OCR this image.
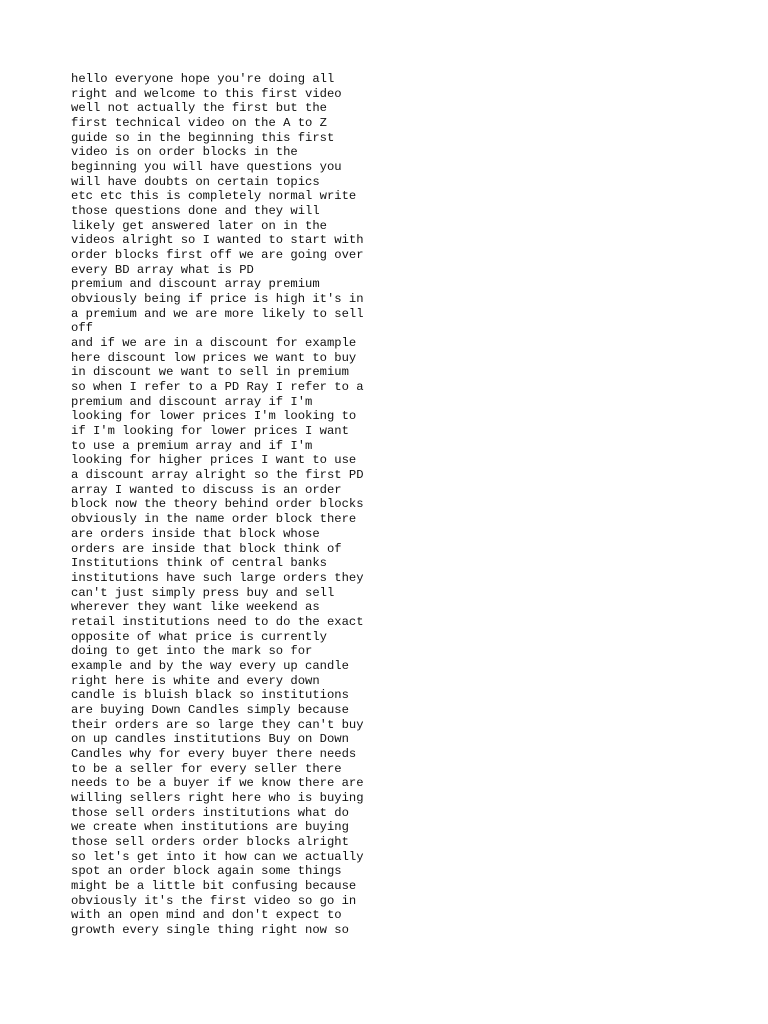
hello everyone hope you're doing all
right and welcome to this first video
well not actually the first but the
first technical video on the A to Z
guide so in the beginning this first
video is on order blocks in the
beginning you will have questions you
will have doubts on certain topics
etc etc this is completely normal write
those questions done and they will
likely get answered later on in the
videos alright so I wanted to start with
order blocks first off we are going over
every BD array what is PD
premium and discount array premium
obviously being if price is high it's in
a premium and we are more likely to sell
off
and if we are in a discount for example
here discount low prices we want to buy
in discount we want to sell in premium
so when I refer to a PD Ray I refer to a
premium and discount array if I'm
looking for lower prices I'm looking to
if I'm looking for lower prices I want
to use a premium array and if I'm
looking for higher prices I want to use
a discount array alright so the first PD
array I wanted to discuss is an order
block now the theory behind order blocks
obviously in the name order block there
are orders inside that block whose
orders are inside that block think of
Institutions think of central banks
institutions have such large orders they
can't just simply press buy and sell
wherever they want like weekend as
retail institutions need to do the exact
opposite of what price is currently
doing to get into the mark so for
example and by the way every up candle
right here is white and every down
candle is bluish black so institutions
are buying Down Candles simply because
their orders are so large they can't buy
on up candles institutions Buy on Down
Candles why for every buyer there needs
to be a seller for every seller there
needs to be a buyer if we know there are
willing sellers right here who is buying
those sell orders institutions what do
we create when institutions are buying
those sell orders order blocks alright
so let's get into it how can we actually
spot an order block again some things
might be a little bit confusing because
obviously it's the first video so go in
with an open mind and don't expect to
growth every single thing right now so
